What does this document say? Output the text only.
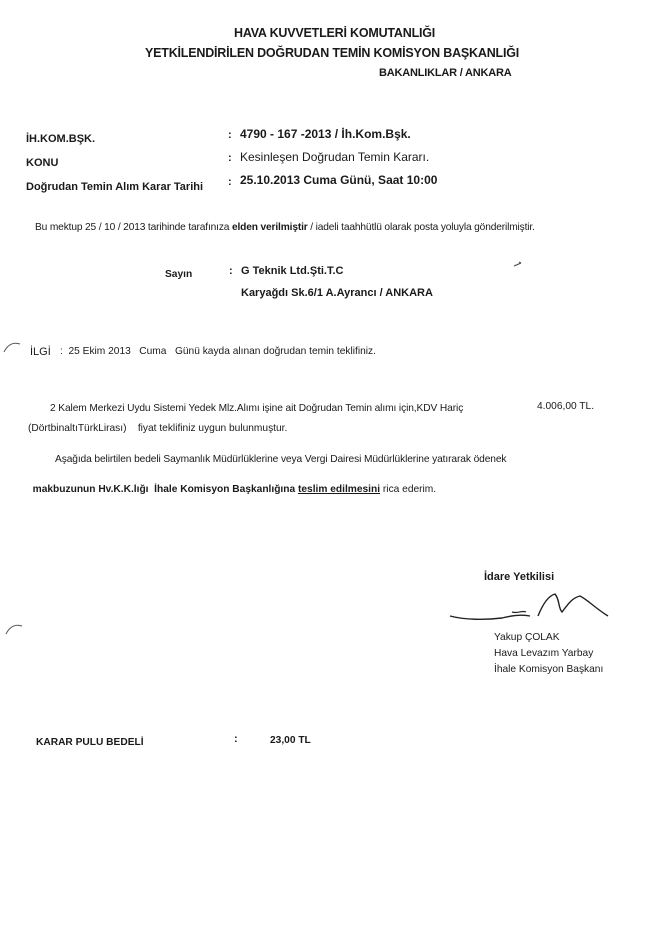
HAVA KUVVETLERİ KOMUTANLIĞI
YETKİLENDİRİLEN DOĞRUDAN TEMİN KOMİSYON BAŞKANLIĞI
BAKANLIKLAR / ANKARA
İH.KOM.BŞK.	: 4790 - 167 -2013 / İh.Kom.Bşk.
KONU	: Kesinleşen Doğrudan Temin Kararı.
Doğrudan Temin Alım Karar Tarihi : 25.10.2013 Cuma Günü, Saat 10:00
Bu mektup 25 / 10 / 2013 tarihinde tarafınıza elden verilmiştir / iadeli taahhütlü olarak posta yoluyla gönderilmiştir.
Sayın	: G Teknik Ltd.Şti.T.C
Karyağdı Sk.6/1 A.Ayrancı / ANKARA
İLGİ :  25 Ekim 2013   Cuma   Günü kayda alınan doğrudan temin teklifiniz.
2 Kalem Merkezi Uydu Sistemi Yedek Mlz.Alımı işine ait Doğrudan Temin alımı için,KDV Hariç	4.006,00 TL.
(DörtbinaltıTürkLirası)    fiyat teklifiniz uygun bulunmuştur.
Aşağıda belirtilen bedeli Saymanlık Müdürlüklerine veya Vergi Dairesi Müdürlüklerine yatırarak ödenek

makbuzunun Hv.K.K.lığı  İhale Komisyon Başkanlığına teslim edilmesini rica ederim.

İdare Yetkilisi
Yakup ÇOLAK
Hava Levazım Yarbay
İhale Komisyon Başkanı
KARAR PULU BEDELİ	:	23,00 TL
